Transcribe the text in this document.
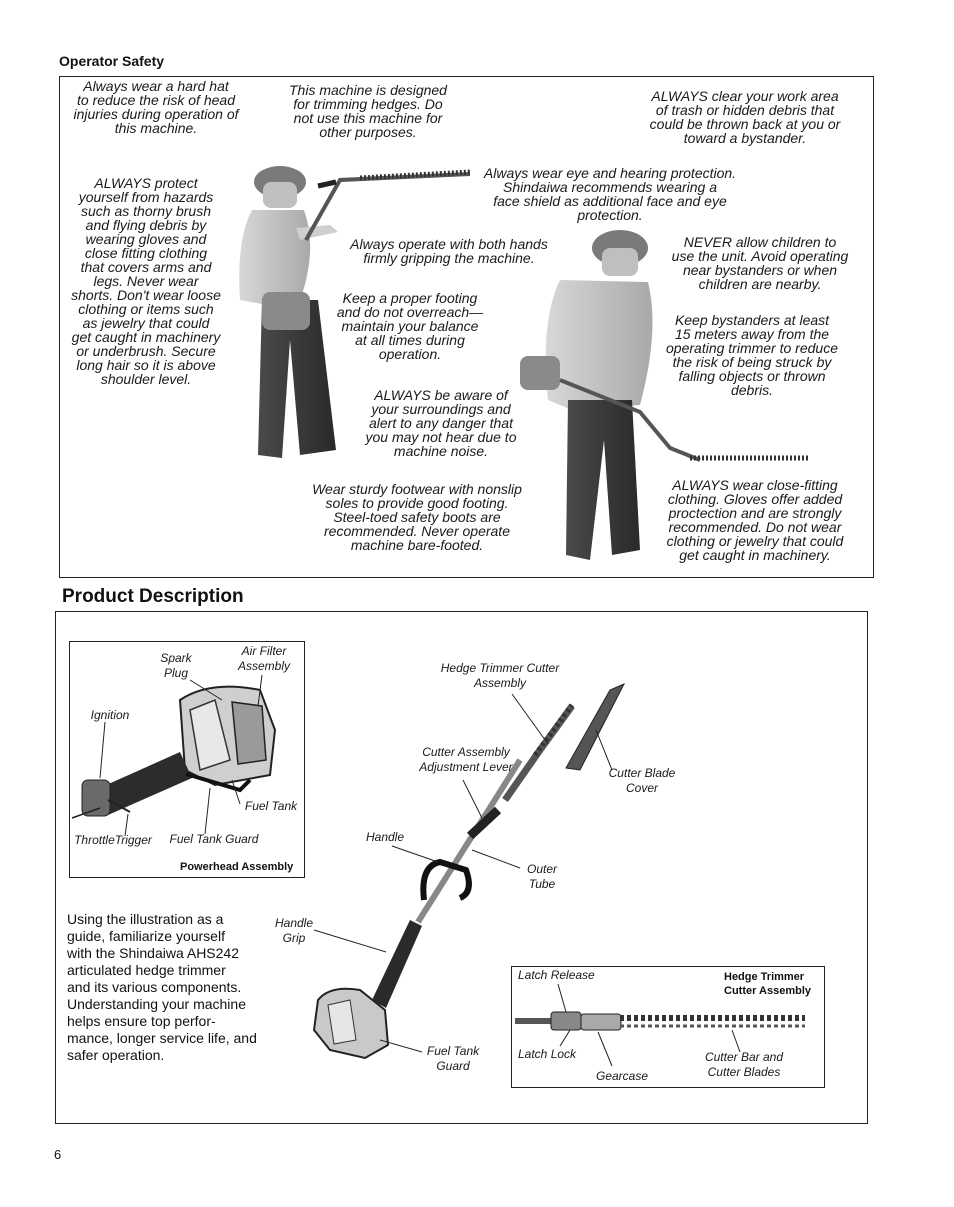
Operator Safety
Always wear a hard hat
to reduce the risk of head
injuries during operation of
this machine.
This machine is designed
for trimming hedges. Do
not use this machine for
other purposes.
ALWAYS clear your work area
of trash or hidden debris that
could be thrown back at you or
toward a bystander.
ALWAYS protect
yourself from hazards
such as thorny brush
and flying debris by
wearing gloves and
close fitting clothing
that covers arms and
legs. Never wear
shorts. Don't wear loose
clothing or items such
as jewelry that could
get caught in machinery
or underbrush. Secure
long hair so it is above
shoulder level.
Always wear eye and hearing protection.
Shindaiwa recommends wearing a
face shield as additional face and eye
protection.
Always operate with both hands
firmly gripping the machine.
NEVER allow children to
use the unit. Avoid operating
near bystanders or when
children are nearby.
Keep a proper footing
and do not overreach—
maintain your balance
at all times during
operation.
Keep bystanders at least
15 meters away from the
operating trimmer to reduce
the risk of being struck by
falling objects or thrown
debris.
ALWAYS be aware of
your surroundings and
alert to any danger that
you may not hear due to
machine noise.
Wear sturdy footwear with nonslip
soles to provide good footing.
Steel-toed safety boots are
recommended. Never operate
machine bare-footed.
ALWAYS wear close-fitting
clothing. Gloves offer added
proctection and are strongly
recommended. Do not wear
clothing or jewelry that could
get caught in machinery.
Product Description
Spark
Plug
Air Filter
Assembly
Ignition
Fuel Tank
ThrottleTrigger	Fuel Tank Guard
Powerhead Assembly
Hedge Trimmer Cutter
Assembly
Cutter Assembly
Adjustment Lever	Cutter Blade
Cover
Handle
Outer
Tube
Handle
Grip
Fuel Tank
Guard
Using the illustration as a
guide, familiarize yourself
with the Shindaiwa AHS242
articulated hedge trimmer
and its various components.
Understanding your machine
helps ensure top perfor-
mance, longer service life, and
safer operation.
Latch Release	Hedge Trimmer
Cutter Assembly
Latch Lock
Gearcase
Cutter Bar and
Cutter Blades
6
